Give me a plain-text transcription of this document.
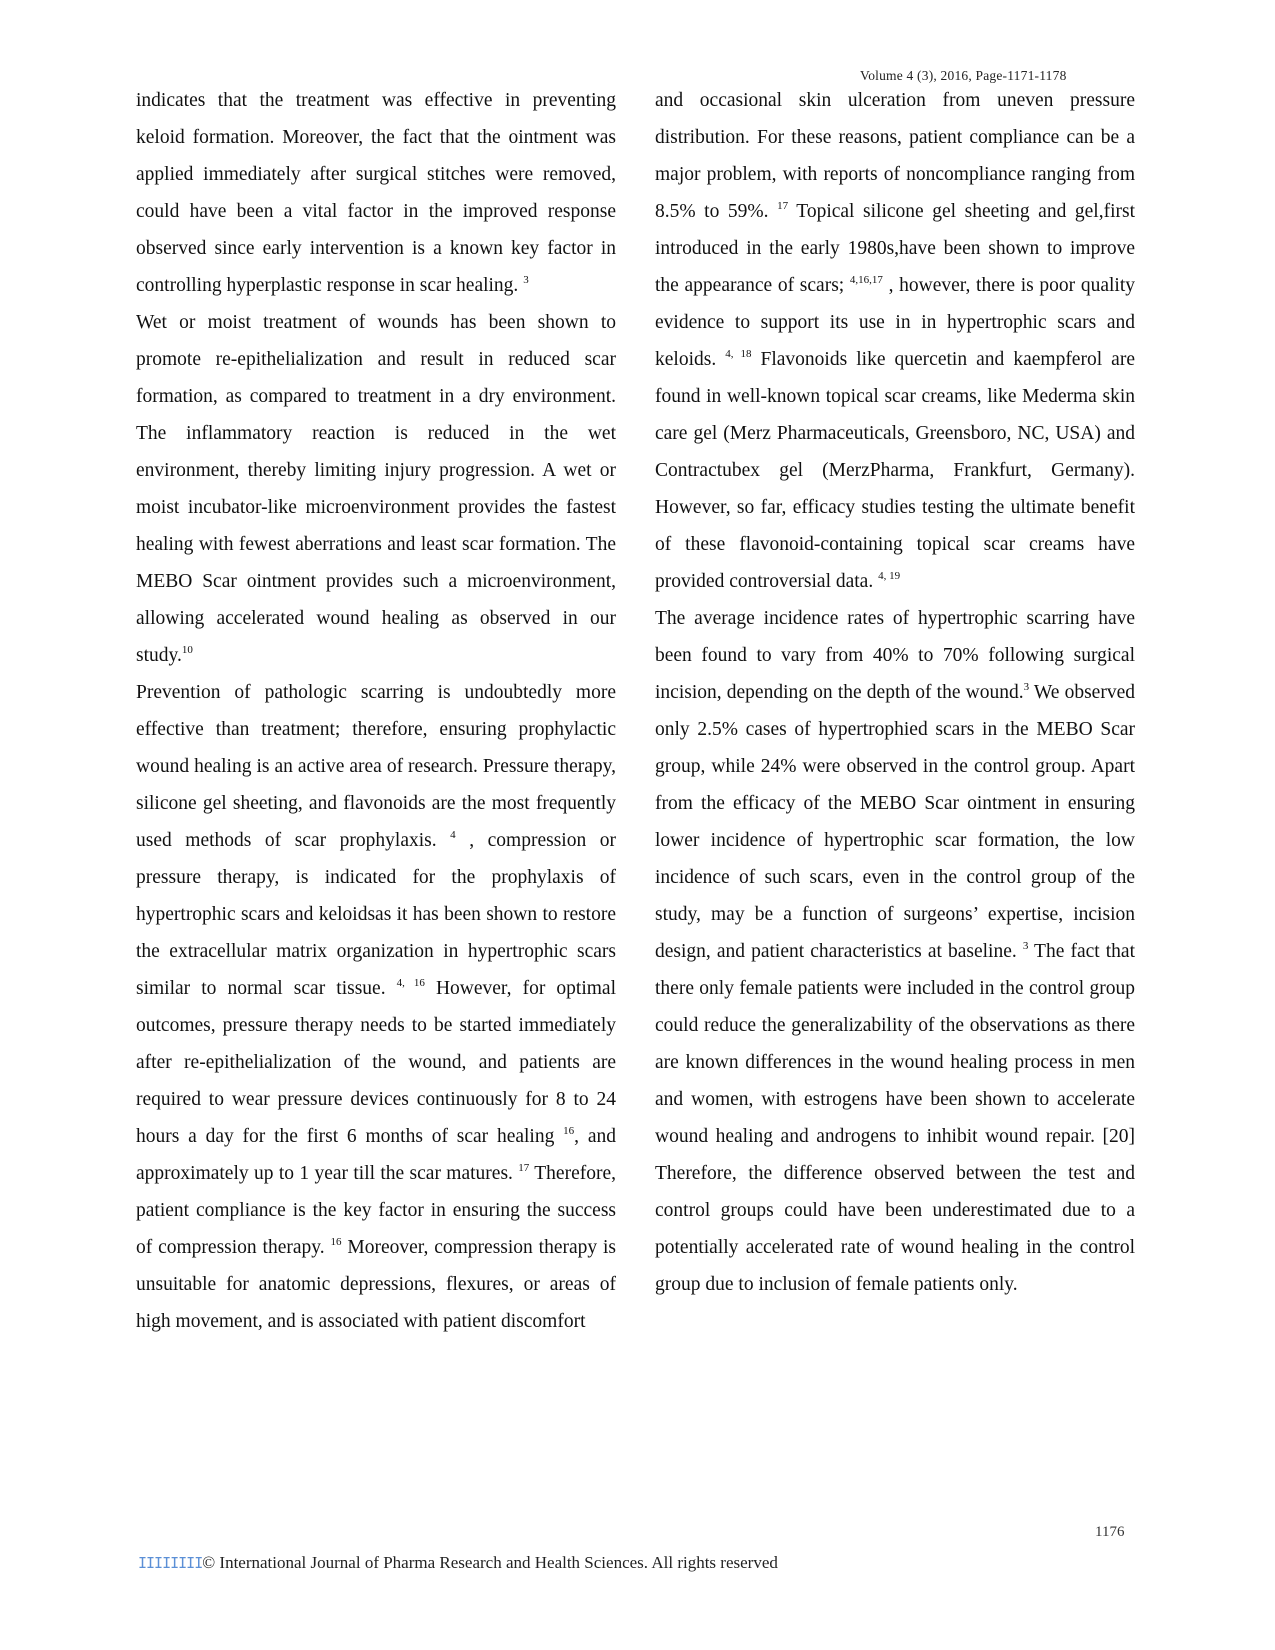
Volume 4 (3), 2016, Page-1171-1178

indicates that the treatment was effective in preventing keloid formation. Moreover, the fact that the ointment was applied immediately after surgical stitches were removed, could have been a vital factor in the improved response observed since early intervention is a known key factor in controlling hyperplastic response in scar healing. $^3$

Wet or moist treatment of wounds has been shown to promote re-epithelialization and result in reduced scar formation, as compared to treatment in a dry environment. The inflammatory reaction is reduced in the wet environment, thereby limiting injury progression. A wet or moist incubator-like microenvironment provides the fastest healing with fewest aberrations and least scar formation. The MEBO Scar ointment provides such a microenvironment, allowing accelerated wound healing as observed in our study.$^{10}$

Prevention of pathologic scarring is undoubtedly more effective than treatment; therefore, ensuring prophylactic wound healing is an active area of research. Pressure therapy, silicone gel sheeting, and flavonoids are the most frequently used methods of scar prophylaxis. $^4$ , compression or pressure therapy, is indicated for the prophylaxis of hypertrophic scars and keloidsas it has been shown to restore the extracellular matrix organization in hypertrophic scars similar to normal scar tissue. $^{4, 16}$ However, for optimal outcomes, pressure therapy needs to be started immediately after re-epithelialization of the wound, and patients are required to wear pressure devices continuously for 8 to 24 hours a day for the first 6 months of scar healing $^{16}$, and approximately up to 1 year till the scar matures. $^{17}$ Therefore, patient compliance is the key factor in ensuring the success of compression therapy. $^{16}$ Moreover, compression therapy is unsuitable for anatomic depressions, flexures, or areas of high movement, and is associated with patient discomfort

and occasional skin ulceration from uneven pressure distribution. For these reasons, patient compliance can be a major problem, with reports of noncompliance ranging from 8.5% to 59%. $^{17}$ Topical silicone gel sheeting and gel,first introduced in the early 1980s,have been shown to improve the appearance of scars; $^{4,16,17}$ , however, there is poor quality evidence to support its use in in hypertrophic scars and keloids. $^{4, 18}$ Flavonoids like quercetin and kaempferol are found in well-known topical scar creams, like Mederma skin care gel (Merz Pharmaceuticals, Greensboro, NC, USA) and Contractubex gel (MerzPharma, Frankfurt, Germany). However, so far, efficacy studies testing the ultimate benefit of these flavonoid-containing topical scar creams have provided controversial data. $^{4, 19}$

The average incidence rates of hypertrophic scarring have been found to vary from 40% to 70% following surgical incision, depending on the depth of the wound.$^3$ We observed only 2.5% cases of hypertrophied scars in the MEBO Scar group, while 24% were observed in the control group. Apart from the efficacy of the MEBO Scar ointment in ensuring lower incidence of hypertrophic scar formation, the low incidence of such scars, even in the control group of the study, may be a function of surgeons’ expertise, incision design, and patient characteristics at baseline. $^3$ The fact that there only female patients were included in the control group could reduce the generalizability of the observations as there are known differences in the wound healing process in men and women, with estrogens have been shown to accelerate wound healing and androgens to inhibit wound repair. [20] Therefore, the difference observed between the test and control groups could have been underestimated due to a potentially accelerated rate of wound healing in the control group due to inclusion of female patients only.

1176
IIIIIIII © International Journal of Pharma Research and Health Sciences. All rights reserved
